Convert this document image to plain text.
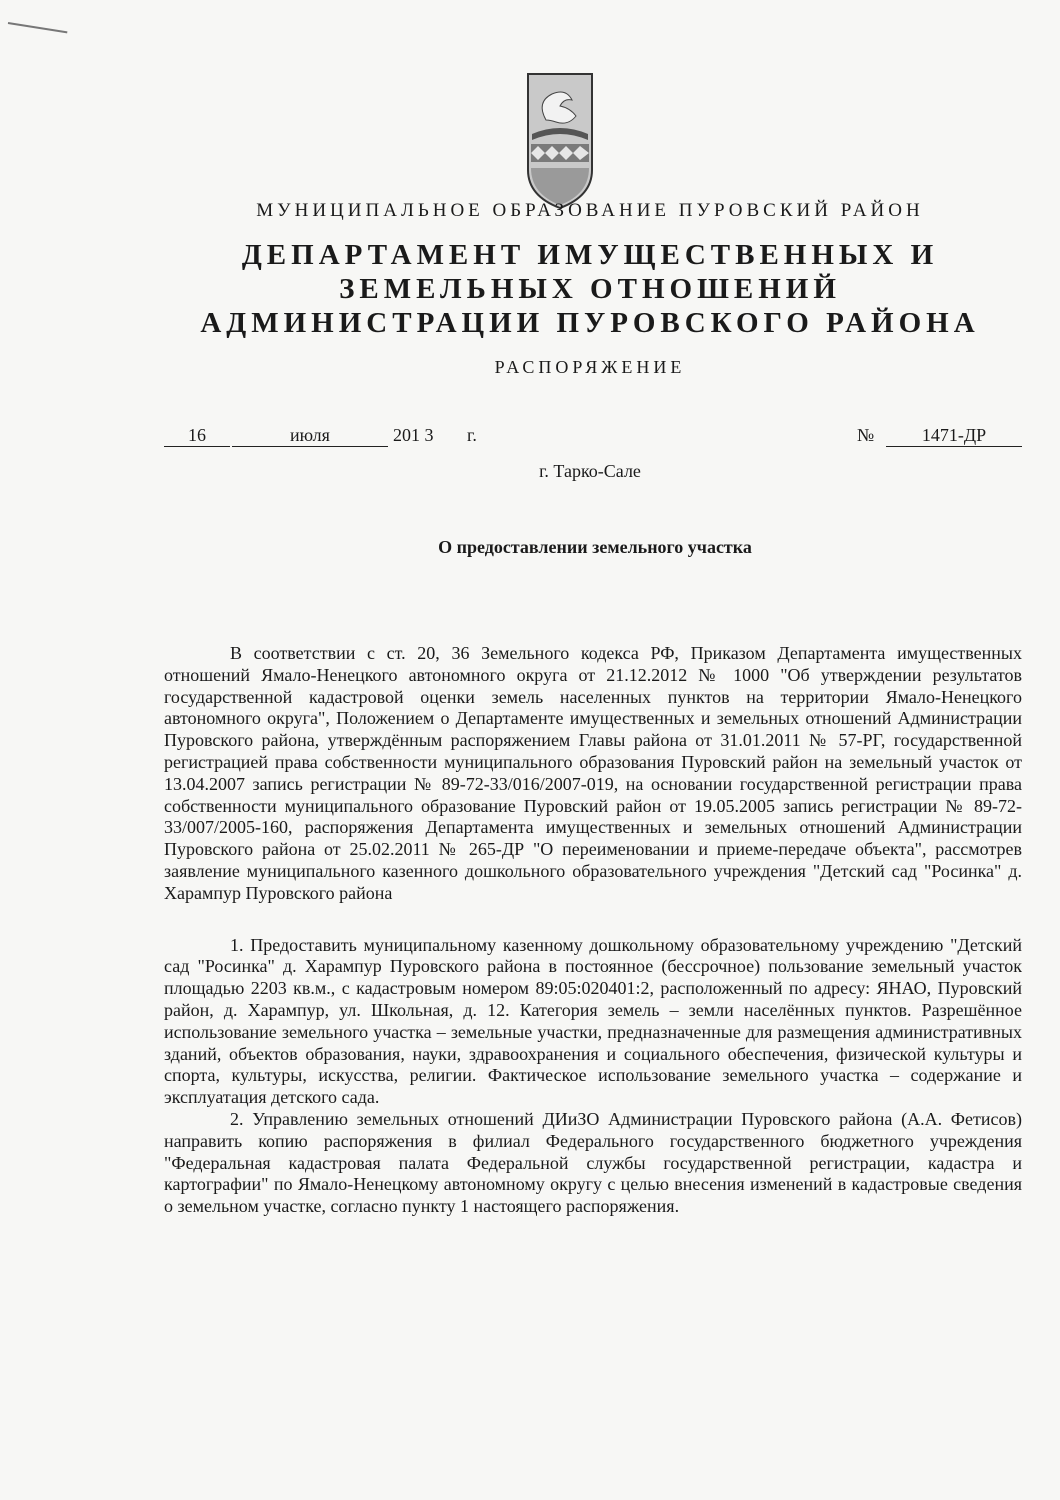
МУНИЦИПАЛЬНОЕ ОБРАЗОВАНИЕ ПУРОВСКИЙ РАЙОН
ДЕПАРТАМЕНТ ИМУЩЕСТВЕННЫХ И
ЗЕМЕЛЬНЫХ ОТНОШЕНИЙ
АДМИНИСТРАЦИИ ПУРОВСКОГО РАЙОНА
РАСПОРЯЖЕНИЕ
16	июля	201 3 г.	№	1471-ДР
г. Тарко-Сале
О предоставлении земельного участка

В соответствии с ст. 20, 36 Земельного кодекса РФ, Приказом Департамента имущественных отношений Ямало-Ненецкого автономного округа от 21.12.2012 № 1000 "Об утверждении результатов государственной кадастровой оценки земель населенных пунктов на территории Ямало-Ненецкого автономного округа", Положением о Департаменте имущественных и земельных отношений Администрации Пуровского района, утверждённым распоряжением Главы района от 31.01.2011 № 57-РГ, государственной регистрацией права собственности муниципального образования Пуровский район на земельный участок от 13.04.2007 запись регистрации № 89-72-33/016/2007-019, на основании государственной регистрации права собственности муниципального образование Пуровский район от 19.05.2005 запись регистрации № 89-72-33/007/2005-160, распоряжения Департамента имущественных и земельных отношений Администрации Пуровского района от 25.02.2011 № 265-ДР "О переименовании и приеме-передаче объекта", рассмотрев заявление муниципального казенного дошкольного образовательного учреждения "Детский сад "Росинка" д. Харампур Пуровского района

1. Предоставить муниципальному казенному дошкольному образовательному учреждению "Детский сад "Росинка" д. Харампур Пуровского района в постоянное (бессрочное) пользование земельный участок площадью 2203 кв.м., с кадастровым номером 89:05:020401:2, расположенный по адресу: ЯНАО, Пуровский район, д. Харампур, ул. Школьная, д. 12. Категория земель – земли населённых пунктов. Разрешённое использование земельного участка – земельные участки, предназначенные для размещения административных зданий, объектов образования, науки, здравоохранения и социального обеспечения, физической культуры и спорта, культуры, искусства, религии. Фактическое использование земельного участка – содержание и эксплуатация детского сада.

2. Управлению земельных отношений ДИиЗО Администрации Пуровского района (А.А. Фетисов) направить копию распоряжения в филиал Федерального государственного бюджетного учреждения "Федеральная кадастровая палата Федеральной службы государственной регистрации, кадастра и картографии" по Ямало-Ненецкому автономному округу с целью внесения изменений в кадастровые сведения о земельном участке, согласно пункту 1 настоящего распоряжения.
